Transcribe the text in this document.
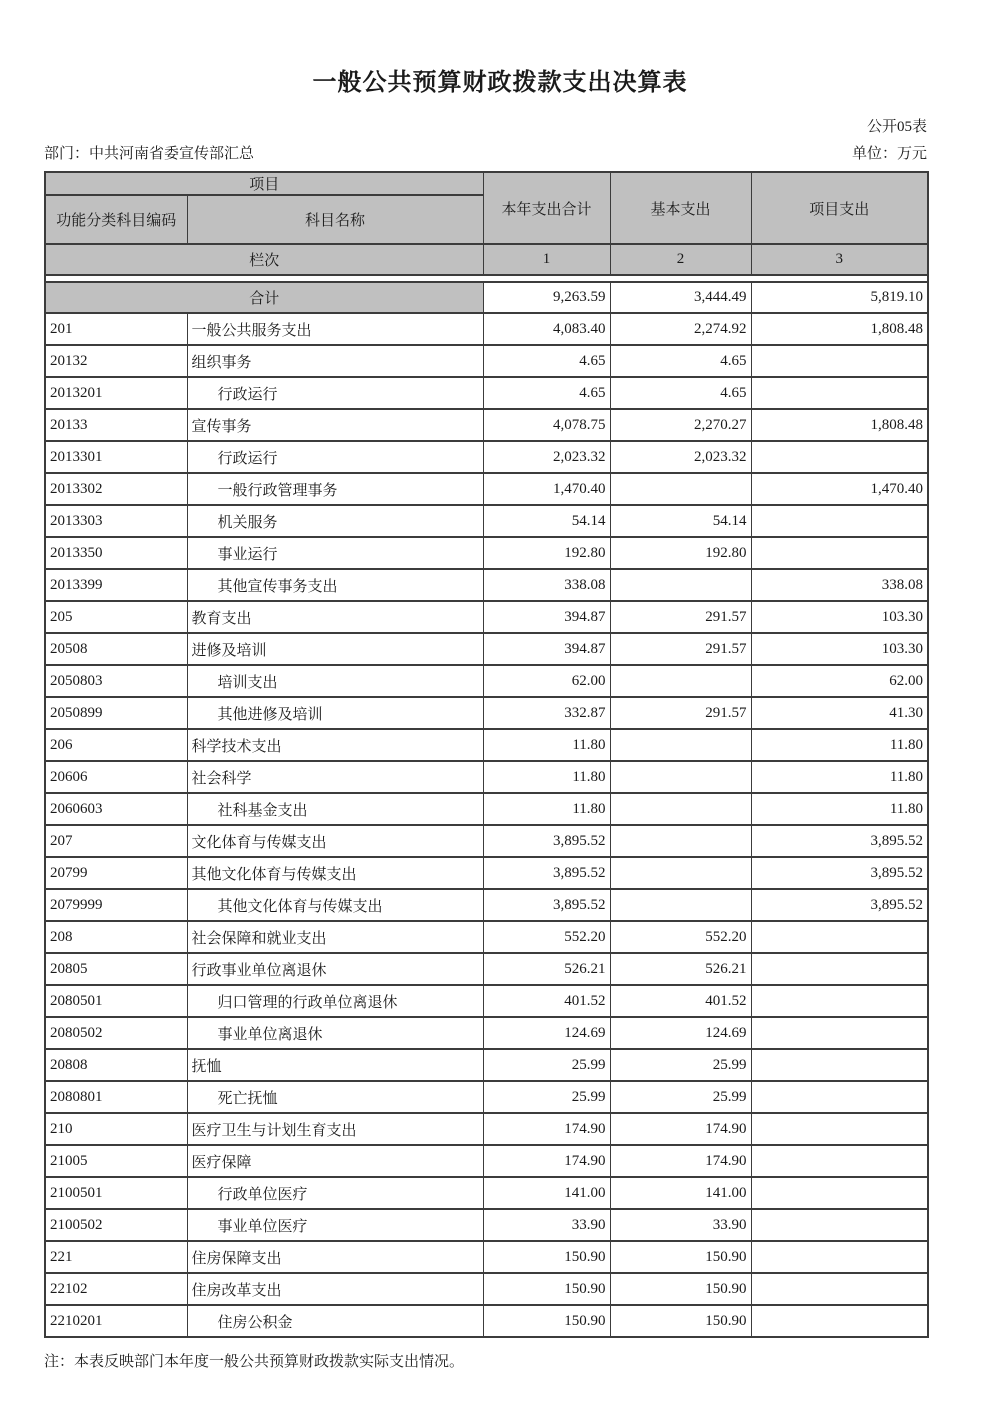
一般公共预算财政拨款支出决算表
公开05表
部门：中共河南省委宣传部汇总	单位：万元
项目		本年支出合计	基本支出	项目支出
功能分类科目编码	科目名称			
栏次		1	2	3

合计		9,263.59	3,444.49	5,819.10
201	一般公共服务支出	4,083.40	2,274.92	1,808.48
20132	组织事务	4.65	4.65	
2013201	行政运行	4.65	4.65	
20133	宣传事务	4,078.75	2,270.27	1,808.48
2013301	行政运行	2,023.32	2,023.32	
2013302	一般行政管理事务	1,470.40		1,470.40
2013303	机关服务	54.14	54.14	
2013350	事业运行	192.80	192.80	
2013399	其他宣传事务支出	338.08		338.08
205	教育支出	394.87	291.57	103.30
20508	进修及培训	394.87	291.57	103.30
2050803	培训支出	62.00		62.00
2050899	其他进修及培训	332.87	291.57	41.30
206	科学技术支出	11.80		11.80
20606	社会科学	11.80		11.80
2060603	社科基金支出	11.80		11.80
207	文化体育与传媒支出	3,895.52		3,895.52
20799	其他文化体育与传媒支出	3,895.52		3,895.52
2079999	其他文化体育与传媒支出	3,895.52		3,895.52
208	社会保障和就业支出	552.20	552.20	
20805	行政事业单位离退休	526.21	526.21	
2080501	归口管理的行政单位离退休	401.52	401.52	
2080502	事业单位离退休	124.69	124.69	
20808	抚恤	25.99	25.99	
2080801	死亡抚恤	25.99	25.99	
210	医疗卫生与计划生育支出	174.90	174.90	
21005	医疗保障	174.90	174.90	
2100501	行政单位医疗	141.00	141.00	
2100502	事业单位医疗	33.90	33.90	
221	住房保障支出	150.90	150.90	
22102	住房改革支出	150.90	150.90	
2210201	住房公积金	150.90	150.90	

注：本表反映部门本年度一般公共预算财政拨款实际支出情况。
